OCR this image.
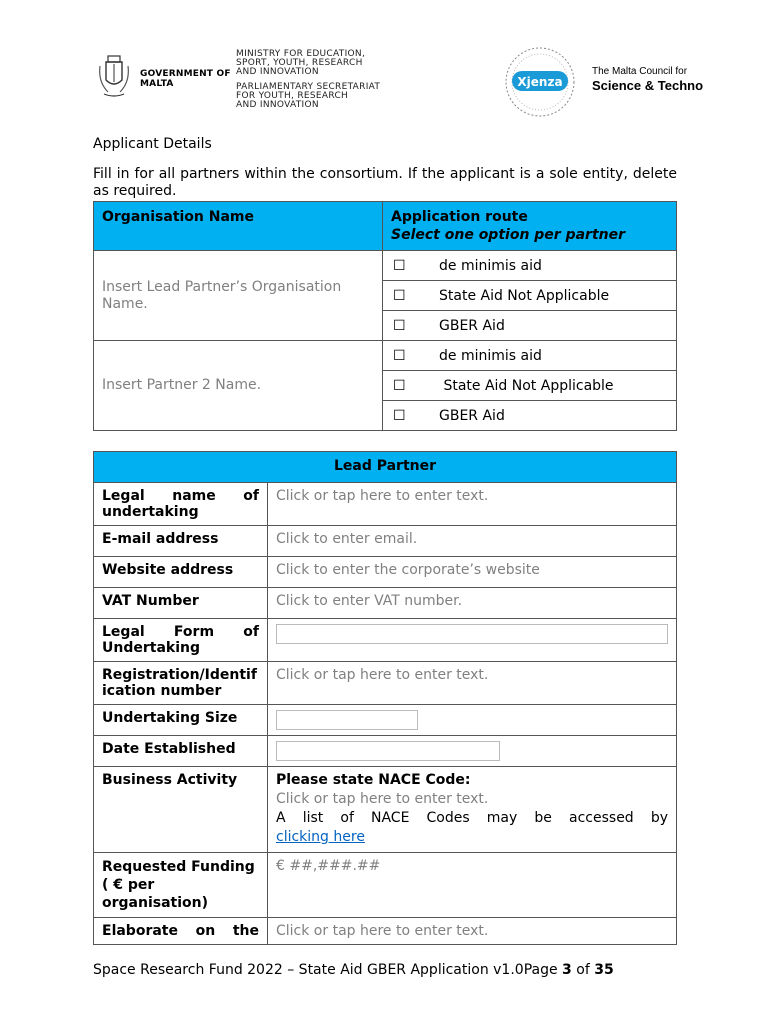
GOVERNMENT OF
MALTA
MINISTRY FOR EDUCATION,
SPORT, YOUTH, RESEARCH
AND INNOVATION
PARLIAMENTARY SECRETARIAT
FOR YOUTH, RESEARCH
AND INNOVATION
Xjenza
The Malta Council for
Science & Techno
Applicant Details
Fill in for all partners within the consortium. If the applicant is a sole entity, delete as required.
Organisation Name	Application route
Select one option per partner
Insert Lead Partner’s Organisation Name.	☐ de minimis aid
	☐ State Aid Not Applicable
	☐ GBER Aid
Insert Partner 2 Name.	☐ de minimis aid
	☐ State Aid Not Applicable
	☐ GBER Aid
Lead Partner	
Legal name of undertaking	Click or tap here to enter text.
E-mail address	Click to enter email.
Website address	Click to enter the corporate’s website
VAT Number	Click to enter VAT number.
Legal Form of Undertaking	

Registration/Identification number	Click or tap here to enter text.
Undertaking Size	

Date Established	

Business Activity	Please state NACE Code:
Click or tap here to enter text.
A list of NACE Codes may be accessed by
clicking here

Requested Funding ( € per organisation)	€ ##,###.##
Elaborate on the	Click or tap here to enter text.
Space Research Fund 2022 – State Aid GBER Application v1.0Page 3 of 35
